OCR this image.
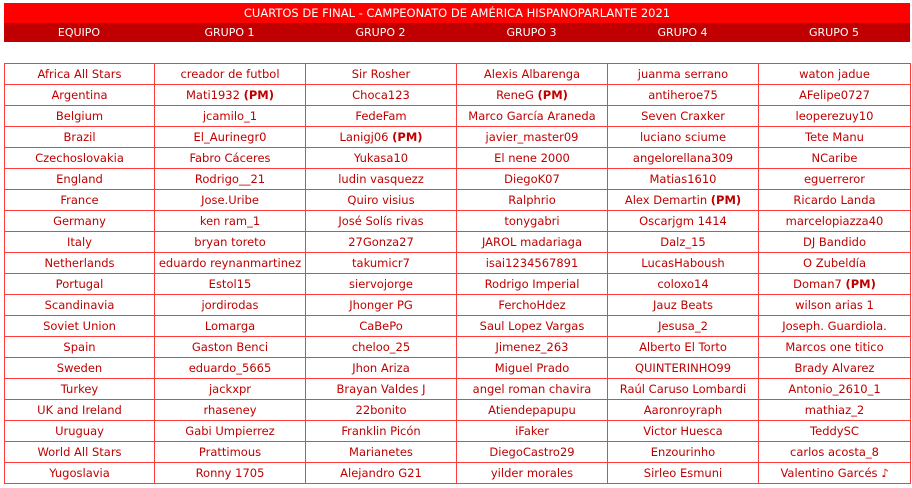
CUARTOS DE FINAL - CAMPEONATO DE AMÉRICA HISPANOPARLANTE 2021
EQUIPO	GRUPO 1	GRUPO 2	GRUPO 3	GRUPO 4	GRUPO 5
Africa All Stars	creador de futbol	Sir Rosher	Alexis Albarenga	juanma serrano	waton jadue
Argentina	Mati1932 (PM)	Choca123	ReneG (PM)	antiheroe75	AFelipe0727
Belgium	jcamilo_1	FedeFam	Marco García Araneda	Seven Craxker	leoperezuy10
Brazil	El_Aurinegr0	Lanigj06 (PM)	javier_master09	luciano sciume	Tete Manu
Czechoslovakia	Fabro Cáceres	Yukasa10	El nene 2000	angelorellana309	NCaribe
England	Rodrigo__21	ludin vasquezz	DiegoK07	Matias1610	eguerreror
France	Jose.Uribe	Quiro visius	Ralphrio	Alex Demartin (PM)	Ricardo Landa
Germany	ken ram_1	José Solís rivas	tonygabri	Oscarjgm 1414	marcelopiazza40
Italy	bryan toreto	27Gonza27	JAROL madariaga	Dalz_15	DJ Bandido
Netherlands	eduardo reynanmartinez	takumicr7	isai1234567891	LucasHaboush	O Zubeldía
Portugal	Estol15	siervojorge	Rodrigo Imperial	coloxo14	Doman7 (PM)
Scandinavia	jordirodas	Jhonger PG	FerchoHdez	Jauz Beats	wilson arias 1
Soviet Union	Lomarga	CaBePo	Saul Lopez Vargas	Jesusa_2	Joseph. Guardiola.
Spain	Gaston Benci	cheloo_25	Jimenez_263	Alberto El Torto	Marcos one titico
Sweden	eduardo_5665	Jhon Ariza	Miguel Prado	QUINTERINHO99	Brady Alvarez
Turkey	jackxpr	Brayan Valdes J	angel roman chavira	Raúl Caruso Lombardi	Antonio_2610_1
UK and Ireland	rhaseney	22bonito	Atiendepapupu	Aaronroyraph	mathiaz_2
Uruguay	Gabi Umpierrez	Franklin Picón	iFaker	Victor Huesca	TeddySC
World All Stars	Prattimous	Marianetes	DiegoCastro29	Enzourinho	carlos acosta_8
Yugoslavia	Ronny 1705	Alejandro G21	yilder morales	Sirleo Esmuni	Valentino Garcés ♪
